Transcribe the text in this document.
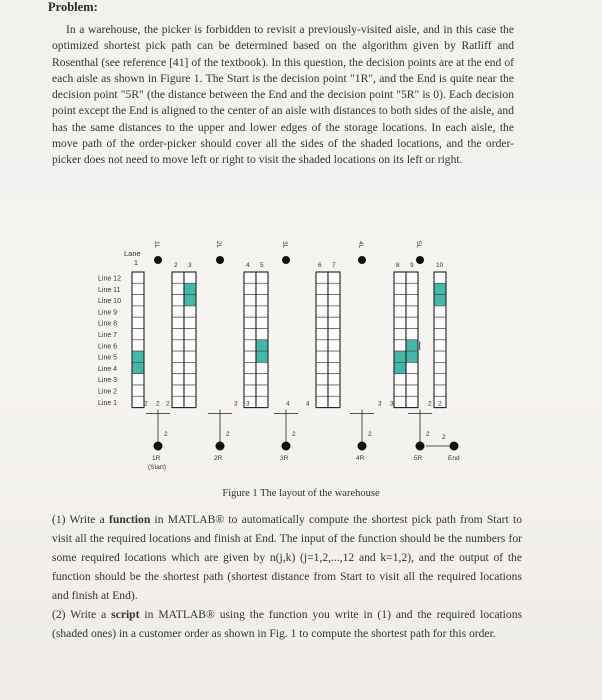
Problem:
In a warehouse, the picker is forbidden to revisit a previously-visited aisle, and in this case the optimized shortest pick path can be determined based on the algorithm given by Ratliff and Rosenthal (see reference [41] of the textbook). In this question, the decision points are at the end of each aisle as shown in Figure 1. The Start is the decision point "1R", and the End is quite near the decision point "5R" (the distance between the End and the decision point "5R" is 0). Each decision point except the End is aligned to the center of an aisle with distances to both sides of the aisle, and has the same distances to the upper and lower edges of the storage locations. In each aisle, the move path of the order-picker should cover all the sides of the shaded locations, and the order-picker does not need to move left or right to visit the shaded locations on its left or right.
Line 12
Line 11
Line 10
Line 9
Line 8
Line 7
Line 6
Line 5
Line 4
Line 3
Line 2
Line 1
Lane
1	2 3	4 5	6 7	8 9	10
1L	2L	3L	4L	5L
1R
2
2R
2
3R
2
4R
2
5R
2
2 2 2	3 3	4	4	3 3	2 2
(Start)
End
2
I
Figure 1 The layout of the warehouse

(1) Write a function in MATLAB® to automatically compute the shortest pick path from Start to visit all the required locations and finish at End. The input of the function should be the numbers for some required locations which are given by n(j,k) (j=1,2,...,12 and k=1,2), and the output of the function should be the shortest path (shortest distance from Start to visit all the required locations and finish at End).

(2) Write a script in MATLAB® using the function you write in (1) and the required locations (shaded ones) in a customer order as shown in Fig. 1 to compute the shortest path for this order.
